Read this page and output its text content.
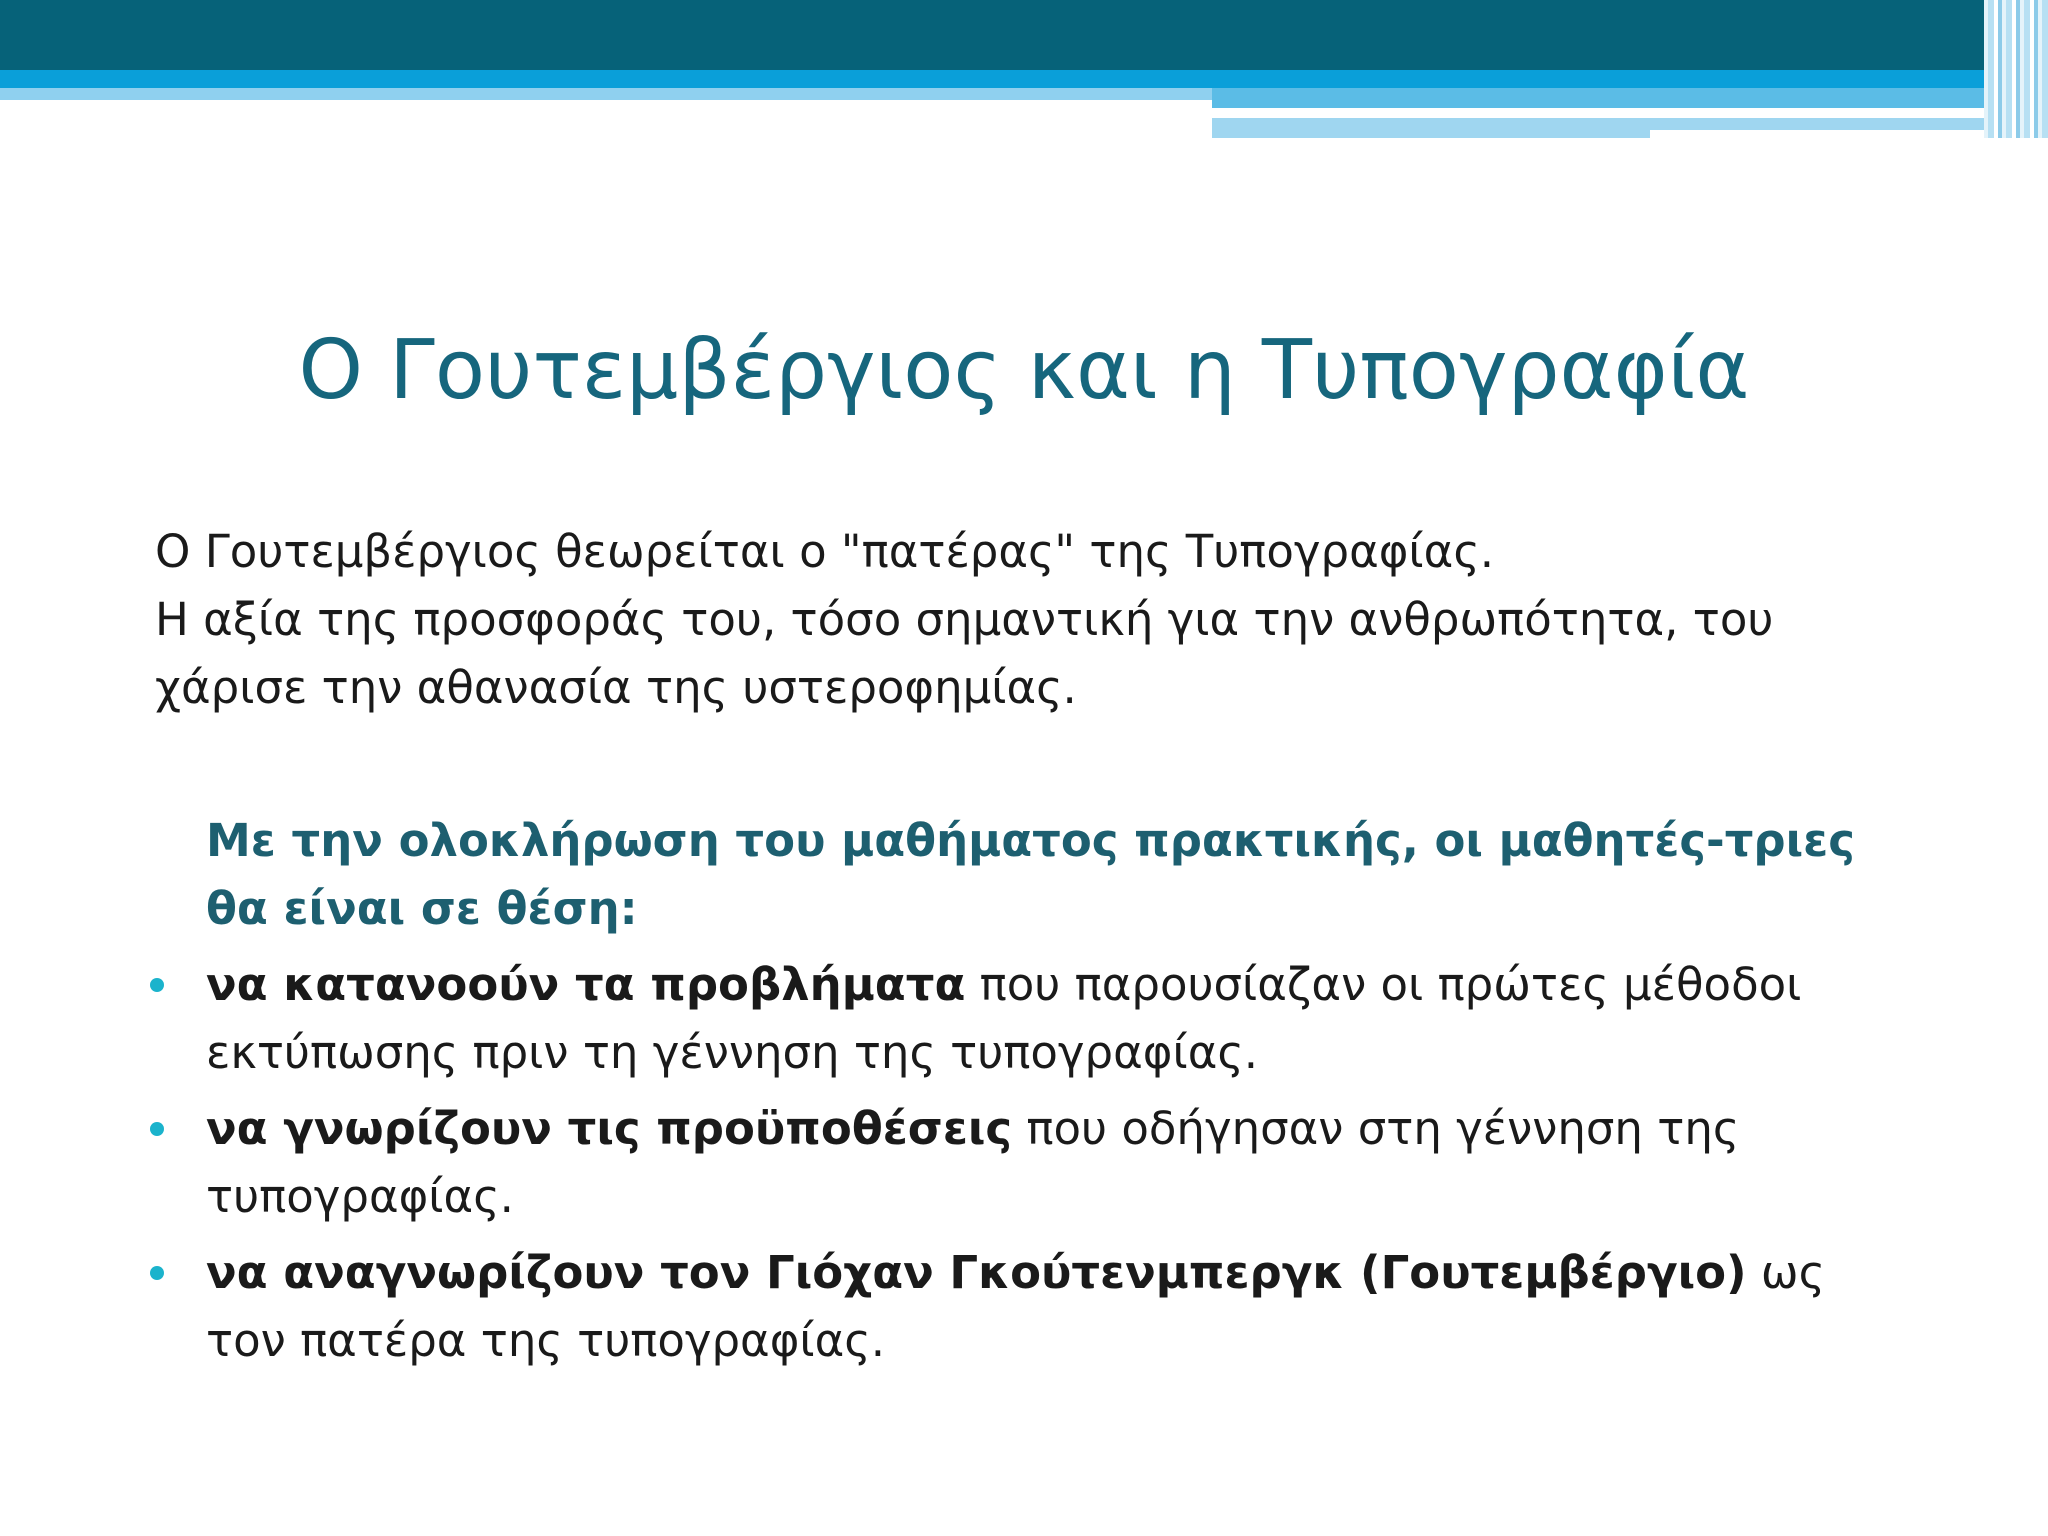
Ο Γουτεμβέργιος και η Τυπογραφία

Ο Γουτεμβέργιος θεωρείται ο "πατέρας" της Τυπογραφίας.
Η αξία της προσφοράς του, τόσο σημαντική για την ανθρωπότητα, του
χάρισε την αθανασία της υστεροφημίας.

Με την ολοκλήρωση του μαθήματος πρακτικής, οι μαθητές-τριες θα είναι σε θέση:

να κατανοούν τα προβλήματα που παρουσίαζαν οι πρώτες μέθοδοι εκτύπωσης πριν τη γέννηση της τυπογραφίας.
να γνωρίζουν τις προϋποθέσεις που οδήγησαν στη γέννηση της τυπογραφίας.
να αναγνωρίζουν τον Γιόχαν Γκούτενμπεργκ (Γουτεμβέργιο) ως τον πατέρα της τυπογραφίας.
